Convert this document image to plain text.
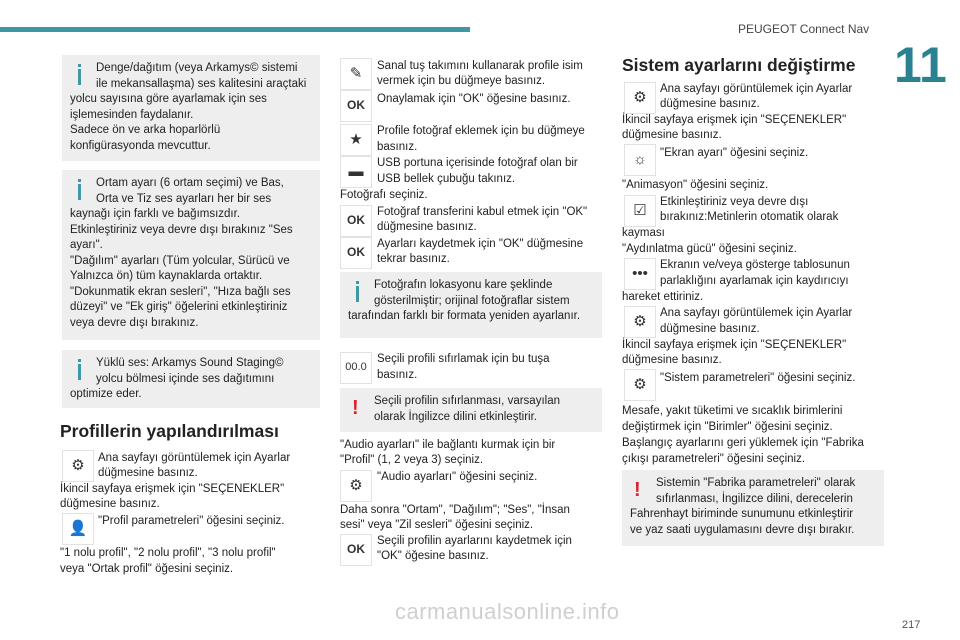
PEUGEOT Connect Nav
11
217
carmanualsonline.info
Denge/dağıtım (veya Arkamys© sistemi
ile mekansallaşma) ses kalitesini araçtaki
yolcu sayısına göre ayarlamak için ses
işlemesinden faydalanır.
Sadece ön ve arka hoparlörlü
konfigürasyonda mevcuttur.
Ortam ayarı (6 ortam seçimi) ve Bas,
Orta ve Tiz ses ayarları her bir ses
kaynağı için farklı ve bağımsızdır.
Etkinleştiriniz veya devre dışı bırakınız "Ses
ayarı".
"Dağılım" ayarları (Tüm yolcular, Sürücü ve
Yalnızca ön) tüm kaynaklarda ortaktır.
"Dokunmatik ekran sesleri", "Hıza bağlı ses
düzeyi" ve "Ek giriş" öğelerini etkinleştiriniz
veya devre dışı bırakınız.
Yüklü ses: Arkamys Sound Staging©
yolcu bölmesi içinde ses dağıtımını
optimize eder.
Profillerin yapılandırılması
⚙	Ana sayfayı görüntülemek için Ayarlar
düğmesine basınız.
İkincil sayfaya erişmek için "SEÇENEKLER"
düğmesine basınız.
👤 "Profil parametreleri" öğesini seçiniz.
"1 nolu profil", "2 nolu profil", "3 nolu profil"
veya "Ortak profil" öğesini seçiniz.
✎	Sanal tuş takımını kullanarak profile isim
vermek için bu düğmeye basınız.
OK	Onaylamak için "OK" öğesine basınız.
★
Profile fotoğraf eklemek için bu düğmeye
basınız.
▬
USB portuna içerisinde fotoğraf olan bir
USB bellek çubuğu takınız.
Fotoğrafı seçiniz.
OK
Fotoğraf transferini kabul etmek için "OK"
düğmesine basınız.
OK
Ayarları kaydetmek için "OK" düğmesine
tekrar basınız.
Fotoğrafın lokasyonu kare şeklinde
gösterilmiştir; orijinal fotoğraflar sistem
tarafından farklı bir formata yeniden ayarlanır.
00.0
Seçili profili sıfırlamak için bu tuşa
basınız.
!	Seçili profilin sıfırlanması, varsayılan
olarak İngilizce dilini etkinleştirir.
"Audio ayarları" ile bağlantı kurmak için bir
"Profil" (1, 2 veya 3) seçiniz.
⚙
"Audio ayarları" öğesini seçiniz.
Daha sonra "Ortam", "Dağılım"; "Ses", "İnsan
sesi" veya "Zil sesleri" öğesini seçiniz.
OK
Seçili profilin ayarlarını kaydetmek için
"OK" öğesine basınız.
Sistem ayarlarını değiştirme
⚙
Ana sayfayı görüntülemek için Ayarlar
düğmesine basınız.
İkincil sayfaya erişmek için "SEÇENEKLER"
düğmesine basınız.
☼	"Ekran ayarı" öğesini seçiniz.
"Animasyon" öğesini seçiniz.
☑
Etkinleştiriniz veya devre dışı
bırakınız:Metinlerin otomatik olarak
kayması
"Aydınlatma gücü" öğesini seçiniz.
•••
Ekranın ve/veya gösterge tablosunun
parlaklığını ayarlamak için kaydırıcıyı
hareket ettiriniz.
⚙
Ana sayfayı görüntülemek için Ayarlar
düğmesine basınız.
İkincil sayfaya erişmek için "SEÇENEKLER"
düğmesine basınız.
⚙	"Sistem parametreleri" öğesini seçiniz.
Mesafe, yakıt tüketimi ve sıcaklık birimlerini
değiştirmek için "Birimler" öğesini seçiniz.
Başlangıç ayarlarını geri yüklemek için "Fabrika
çıkışı parametreleri" öğesini seçiniz.
!	Sistemin "Fabrika parametreleri" olarak
sıfırlanması, İngilizce dilini, derecelerin
Fahrenhayt biriminde sunumunu etkinleştirir
ve yaz saati uygulamasını devre dışı bırakır.
